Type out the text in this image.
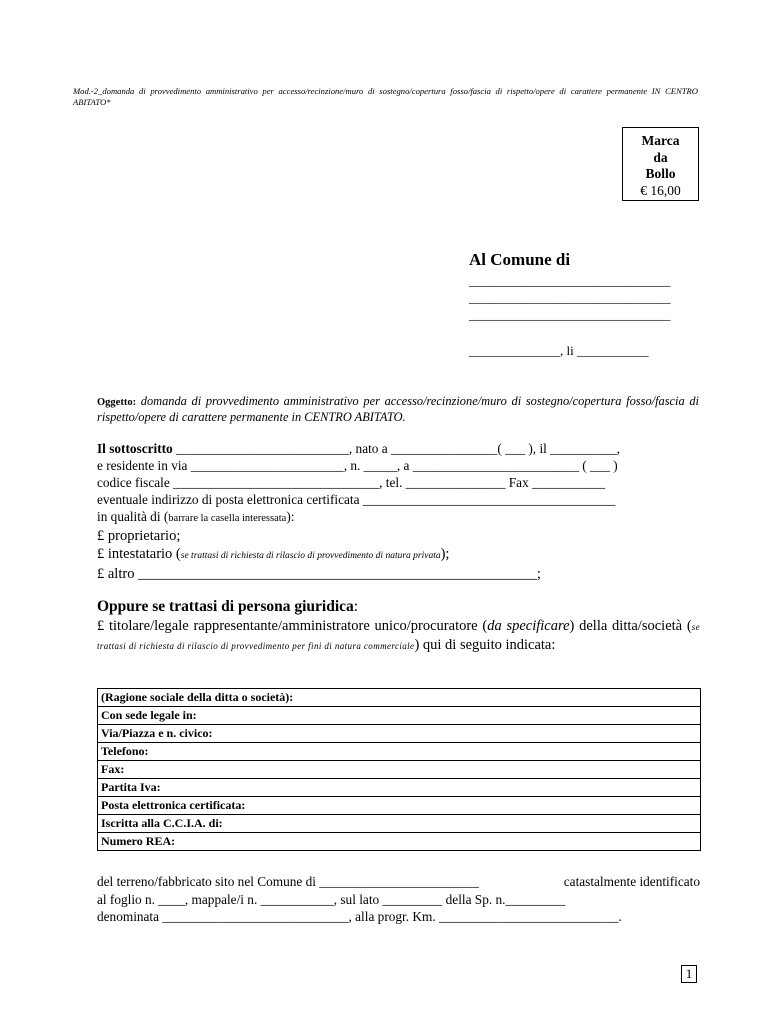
Mod.-2_domanda di provvedimento amministrativo per accesso/recinzione/muro di sostegno/copertura fosso/fascia di rispetto/opere di carattere permanente IN CENTRO ABITATO*
Marca
da
Bollo
€ 16,00
Al Comune di
_______________________________
_______________________________
_______________________________
______________, li ___________
Oggetto: domanda di provvedimento amministrativo per accesso/recinzione/muro di sostegno/copertura fosso/fascia di rispetto/opere di carattere permanente in CENTRO ABITATO.
Il sottoscritto __________________________, nato a ________________( ___ ), il __________,
e residente in via _______________________, n. _____, a _________________________ ( ___ )
codice fiscale _______________________________, tel. _______________ Fax ___________
eventuale indirizzo di posta elettronica certificata ______________________________________
in qualità di (barrare la casella interessata):
£ proprietario;
£ intestatario (se trattasi di richiesta di rilascio di provvedimento di natura privata);
£ altro _______________________________________________________;
Oppure se trattasi di persona giuridica:
£ titolare/legale rappresentante/amministratore unico/procuratore (da specificare) della ditta/società (se trattasi di richiesta di rilascio di provvedimento per fini di natura commerciale) qui di seguito indicata:
(Ragione sociale della ditta o società):
Con sede legale in:
Via/Piazza e n. civico:
Telefono:
Fax:
Partita Iva:
Posta elettronica certificata:
Iscritta alla C.C.I.A. di:
Numero REA:
del terreno/fabbricato sito nel Comune di ________________________	catastalmente identificato
al foglio n. ____, mappale/i n. ___________, sul lato _________ della Sp. n._________
denominata ____________________________, alla progr. Km. ___________________________.
1
